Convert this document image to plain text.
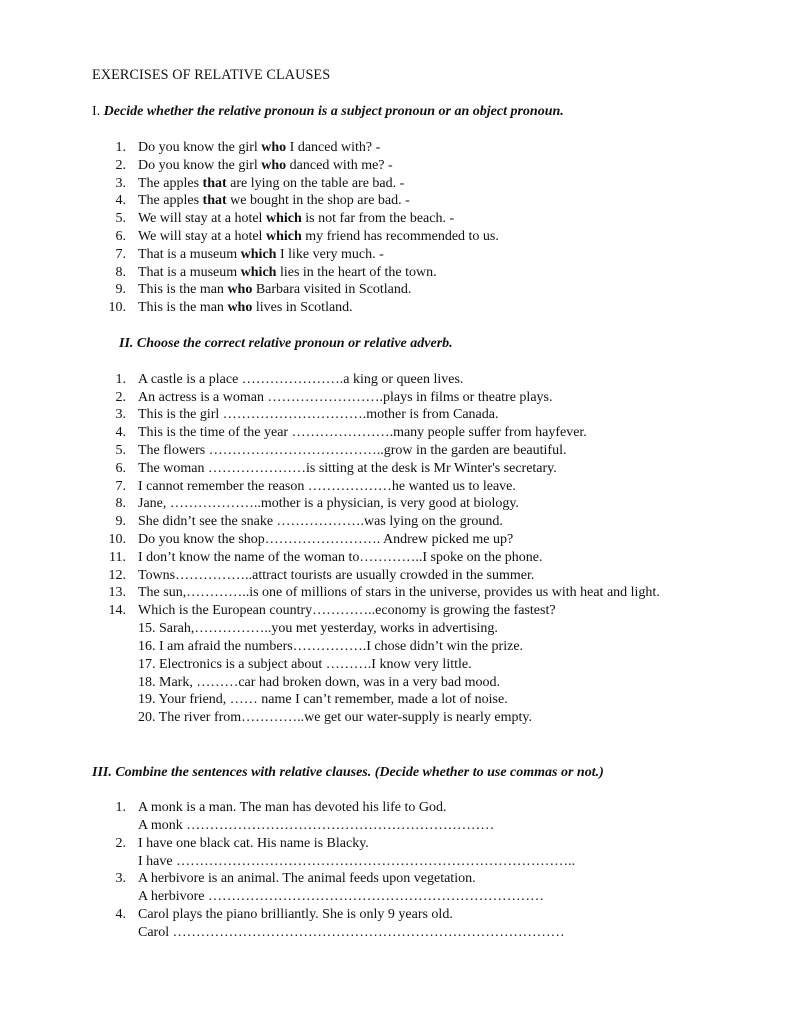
EXERCISES OF RELATIVE CLAUSES
I. Decide whether the relative pronoun is a subject pronoun or an object pronoun.
1. Do you know the girl who I danced with? -
2. Do you know the girl who danced with me? -
3. The apples that are lying on the table are bad. -
4. The apples that we bought in the shop are bad. -
5. We will stay at a hotel which is not far from the beach. -
6. We will stay at a hotel which my friend has recommended to us.
7. That is a museum which I like very much. -
8. That is a museum which lies in the heart of the town.
9. This is the man who Barbara visited in Scotland.
10. This is the man who lives in Scotland.
II. Choose the correct relative pronoun or relative adverb.
1. A castle is a place ………………….a king or queen lives.
2. An actress is a woman …………………….plays in films or theatre plays.
3. This is the girl ………………………….mother is from Canada.
4. This is the time of the year ………………….many people suffer from hayfever.
5. The flowers ………………………………..grow in the garden are beautiful.
6. The woman …………………is sitting at the desk is Mr Winter's secretary.
7. I cannot remember the reason ………………he wanted us to leave.
8. Jane, ………………..mother is a physician, is very good at biology.
9. She didn’t see the snake ……………….was lying on the ground.
10. Do you know the shop……………………. Andrew picked me up?
11. I don’t know the name of the woman to…………..I spoke on the phone.
12. Towns……………..attract tourists are usually crowded in the summer.
13. The sun,…………..is one of millions of stars in the universe, provides us with heat and light.
14. Which is the European country…………..economy is growing the fastest?
15. Sarah,……………..you met yesterday, works in advertising.
16. I am afraid the numbers…………….I chose didn’t win the prize.
17. Electronics is a subject about ……….I know very little.
18. Mark, ………car had broken down, was in a very bad mood.
19. Your friend, …… name I can’t remember, made a lot of noise.
20. The river from…………..we get our water-supply is nearly empty.
III. Combine the sentences with relative clauses. (Decide whether to use commas or not.)
1. A monk is a man. The man has devoted his life to God.
A monk …………………………………………………………
2. I have one black cat. His name is Blacky.
I have …………………………………………………………………………..
3. A herbivore is an animal. The animal feeds upon vegetation.
A herbivore ………………………………………………………………
4. Carol plays the piano brilliantly. She is only 9 years old.
Carol …………………………………………………………………………
